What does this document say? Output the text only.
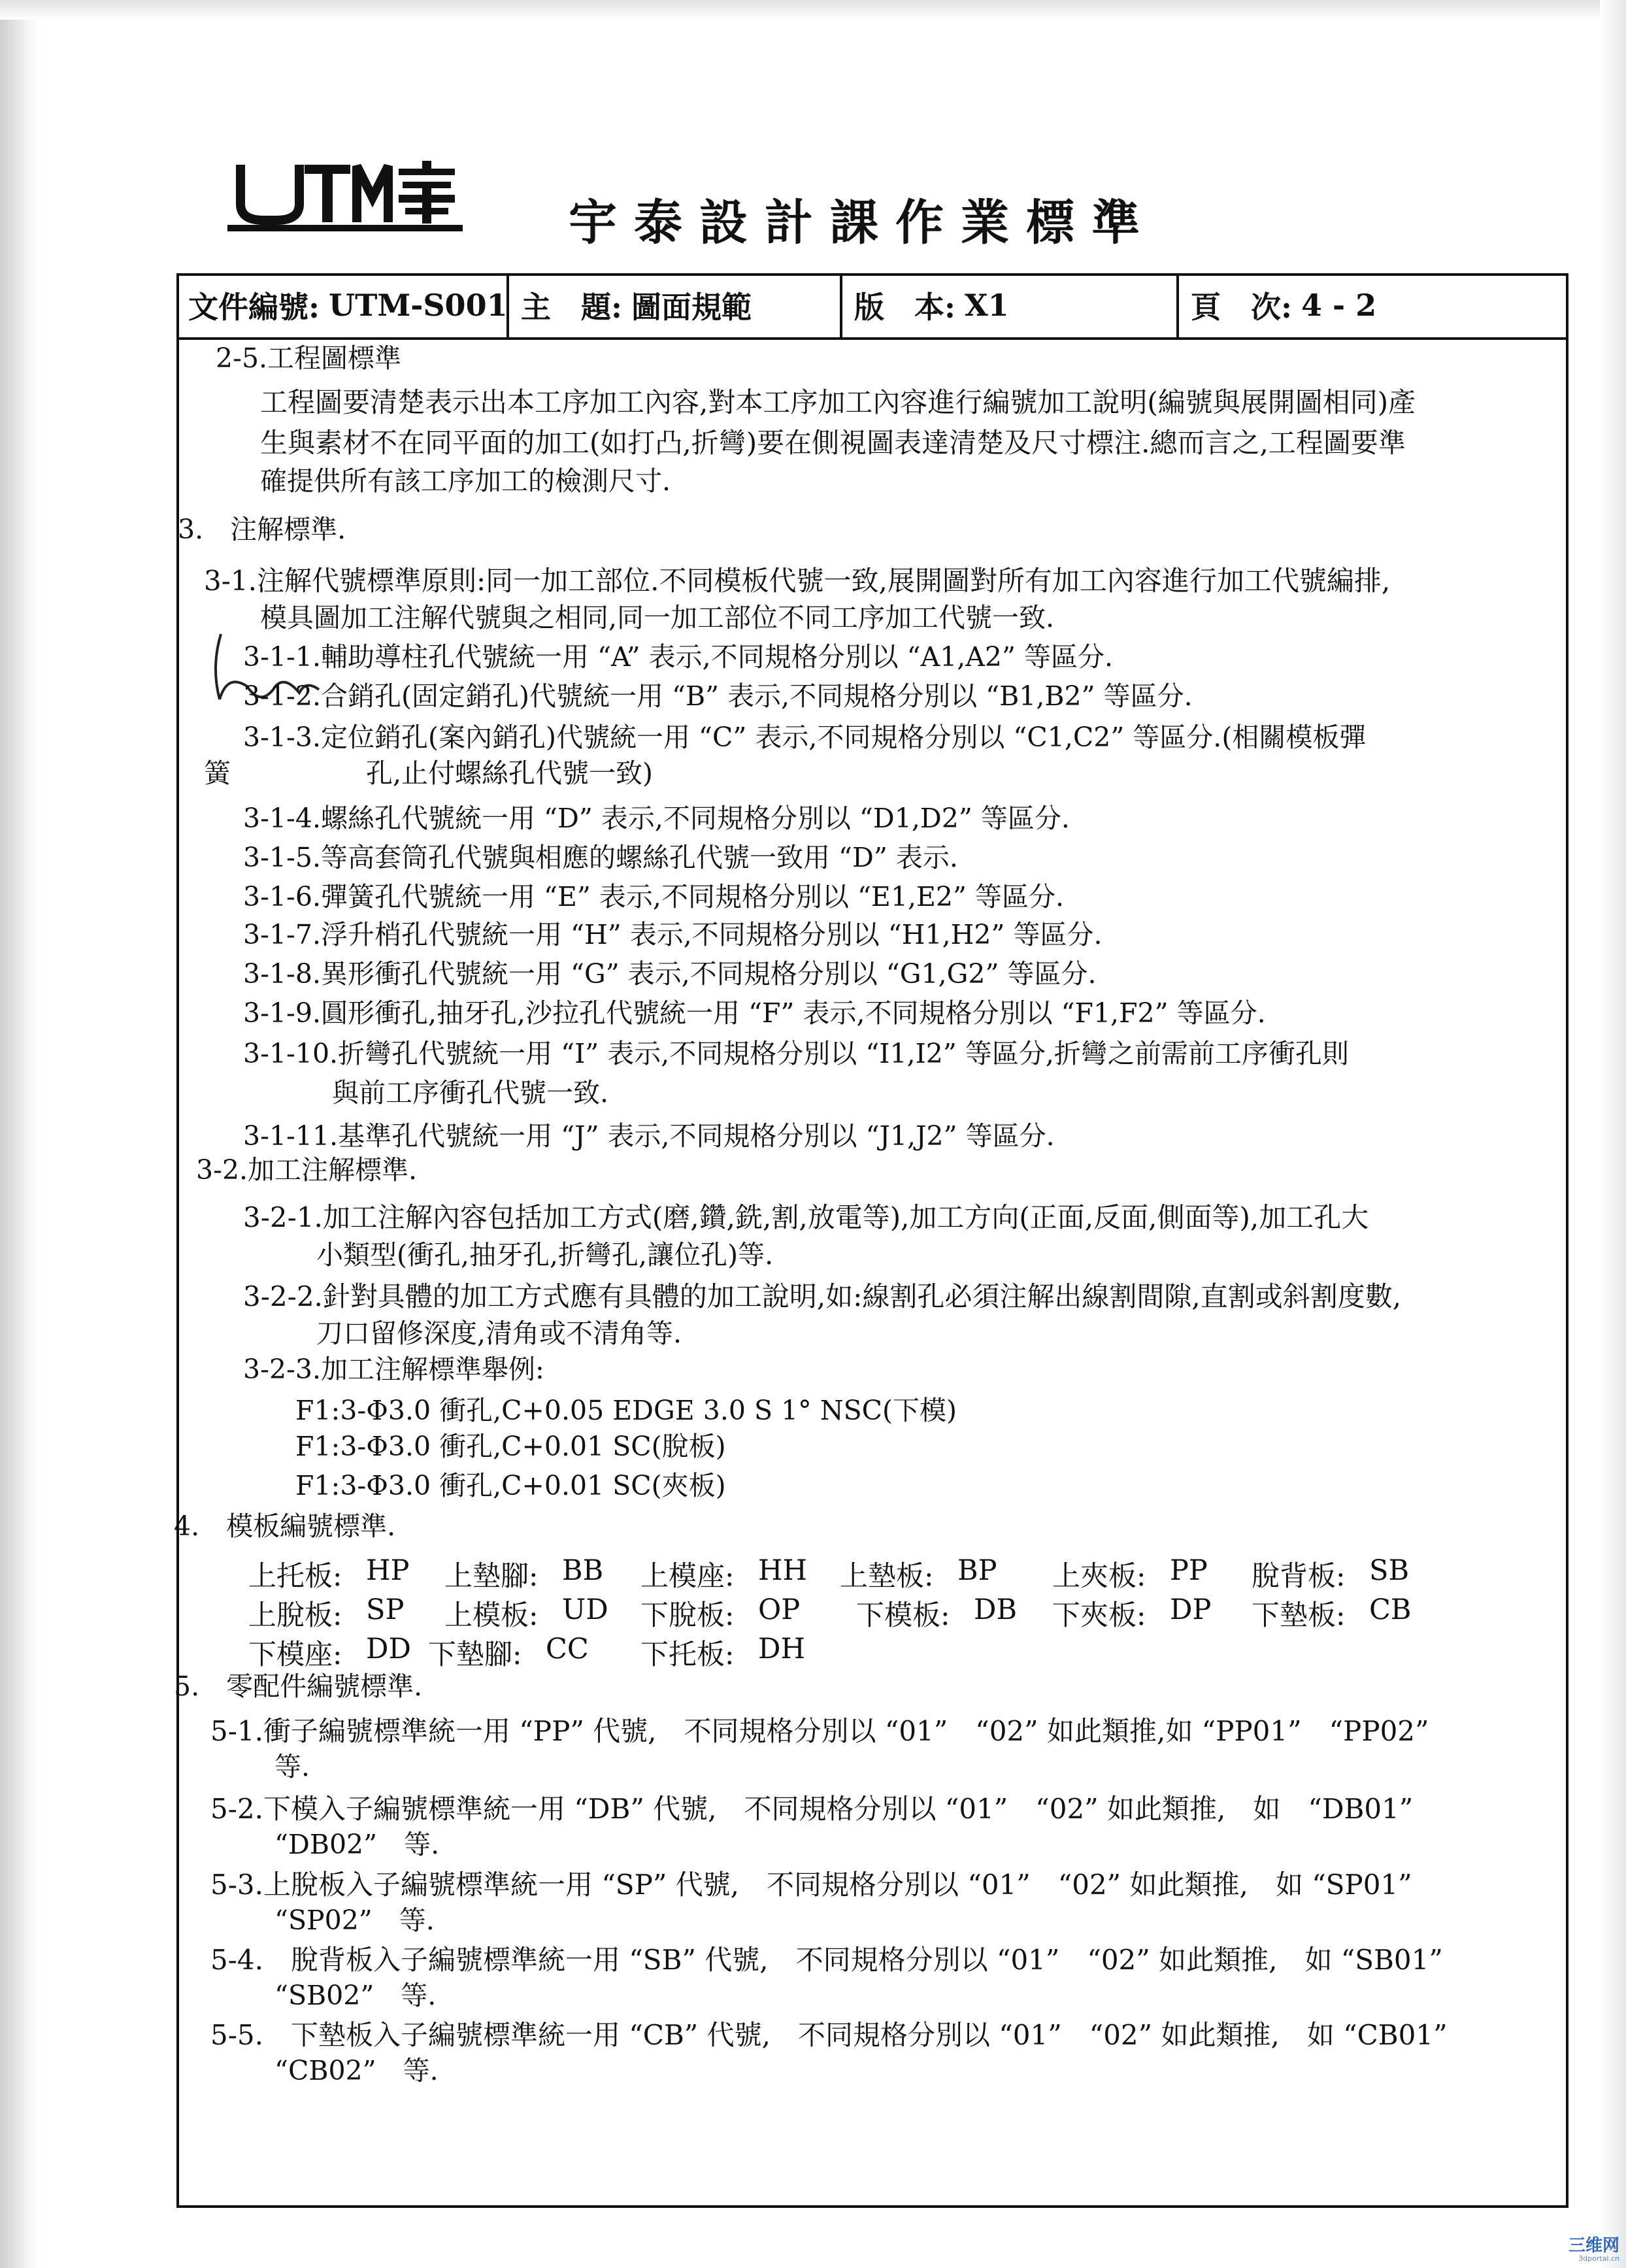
宇泰設計課作業標準
文件編號: UTM-S001 主　題: 圖面規範	版　本: X1	頁　次: 4 - 2
2-5.工程圖標準
工程圖要清楚表示出本工序加工內容,對本工序加工內容進行編號加工說明(編號與展開圖相同)產
生與素材不在同平面的加工(如打凸,折彎)要在側視圖表達清楚及尺寸標注.總而言之,工程圖要準
確提供所有該工序加工的檢測尺寸.
3.　注解標準.
3-1.注解代號標準原則:同一加工部位.不同模板代號一致,展開圖對所有加工內容進行加工代號編排,
模具圖加工注解代號與之相同,同一加工部位不同工序加工代號一致.
3-1-1.輔助導柱孔代號統一用 “A” 表示,不同規格分別以 “A1,A2” 等區分.
3-1-2.合銷孔(固定銷孔)代號統一用 “B” 表示,不同規格分別以 “B1,B2” 等區分.
3-1-3.定位銷孔(案內銷孔)代號統一用 “C” 表示,不同規格分別以 “C1,C2” 等區分.(相關模板彈
簧	孔,止付螺絲孔代號一致)
3-1-4.螺絲孔代號統一用 “D” 表示,不同規格分別以 “D1,D2” 等區分.
3-1-5.等高套筒孔代號與相應的螺絲孔代號一致用 “D” 表示.
3-1-6.彈簧孔代號統一用 “E” 表示,不同規格分別以 “E1,E2” 等區分.
3-1-7.浮升梢孔代號統一用 “H” 表示,不同規格分別以 “H1,H2” 等區分.
3-1-8.異形衝孔代號統一用 “G” 表示,不同規格分別以 “G1,G2” 等區分.
3-1-9.圓形衝孔,抽牙孔,沙拉孔代號統一用 “F” 表示,不同規格分別以 “F1,F2” 等區分.
3-1-10.折彎孔代號統一用 “I” 表示,不同規格分別以 “I1,I2” 等區分,折彎之前需前工序衝孔則
與前工序衝孔代號一致.
3-1-11.基準孔代號統一用 “J” 表示,不同規格分別以 “J1,J2” 等區分.
3-2.加工注解標準.
3-2-1.加工注解內容包括加工方式(磨,鑽,銑,割,放電等),加工方向(正面,反面,側面等),加工孔大
小類型(衝孔,抽牙孔,折彎孔,讓位孔)等.
3-2-2.針對具體的加工方式應有具體的加工說明,如:線割孔必須注解出線割間隙,直割或斜割度數,
刀口留修深度,清角或不清角等.
3-2-3.加工注解標準舉例:
F1:3-Φ3.0 衝孔,C+0.05 EDGE 3.0 S 1° NSC(下模)
F1:3-Φ3.0 衝孔,C+0.01 SC(脫板)
F1:3-Φ3.0 衝孔,C+0.01 SC(夾板)
4.　模板編號標準.
5.　零配件編號標準.
5-1.衝子編號標準統一用 “PP” 代號,　不同規格分別以 “01”　“02” 如此類推,如 “PP01”　“PP02”
等.
5-2.下模入子編號標準統一用 “DB” 代號,　不同規格分別以 “01”　“02” 如此類推,　如　“DB01”
“DB02”　等.
5-3.上脫板入子編號標準統一用 “SP” 代號,　不同規格分別以 “01”　“02” 如此類推,　如 “SP01”
“SP02”　等.
5-4.　脫背板入子編號標準統一用 “SB” 代號,　不同規格分別以 “01”　“02” 如此類推,　如 “SB01”
“SB02”　等.
5-5.　下墊板入子編號標準統一用 “CB” 代號,　不同規格分別以 “01”　“02” 如此類推,　如 “CB01”
“CB02”　等.
上托板: HP 上墊腳: BB 上模座: HH 上墊板: BP 上夾板: PP 脫背板: SB
上脫板: SP 上模板: UD 下脫板: OP 下模板: DB 下夾板: DP 下墊板: CB
下模座: DD 下墊腳: CC 下托板: DH
三维网
3dportal.cn
